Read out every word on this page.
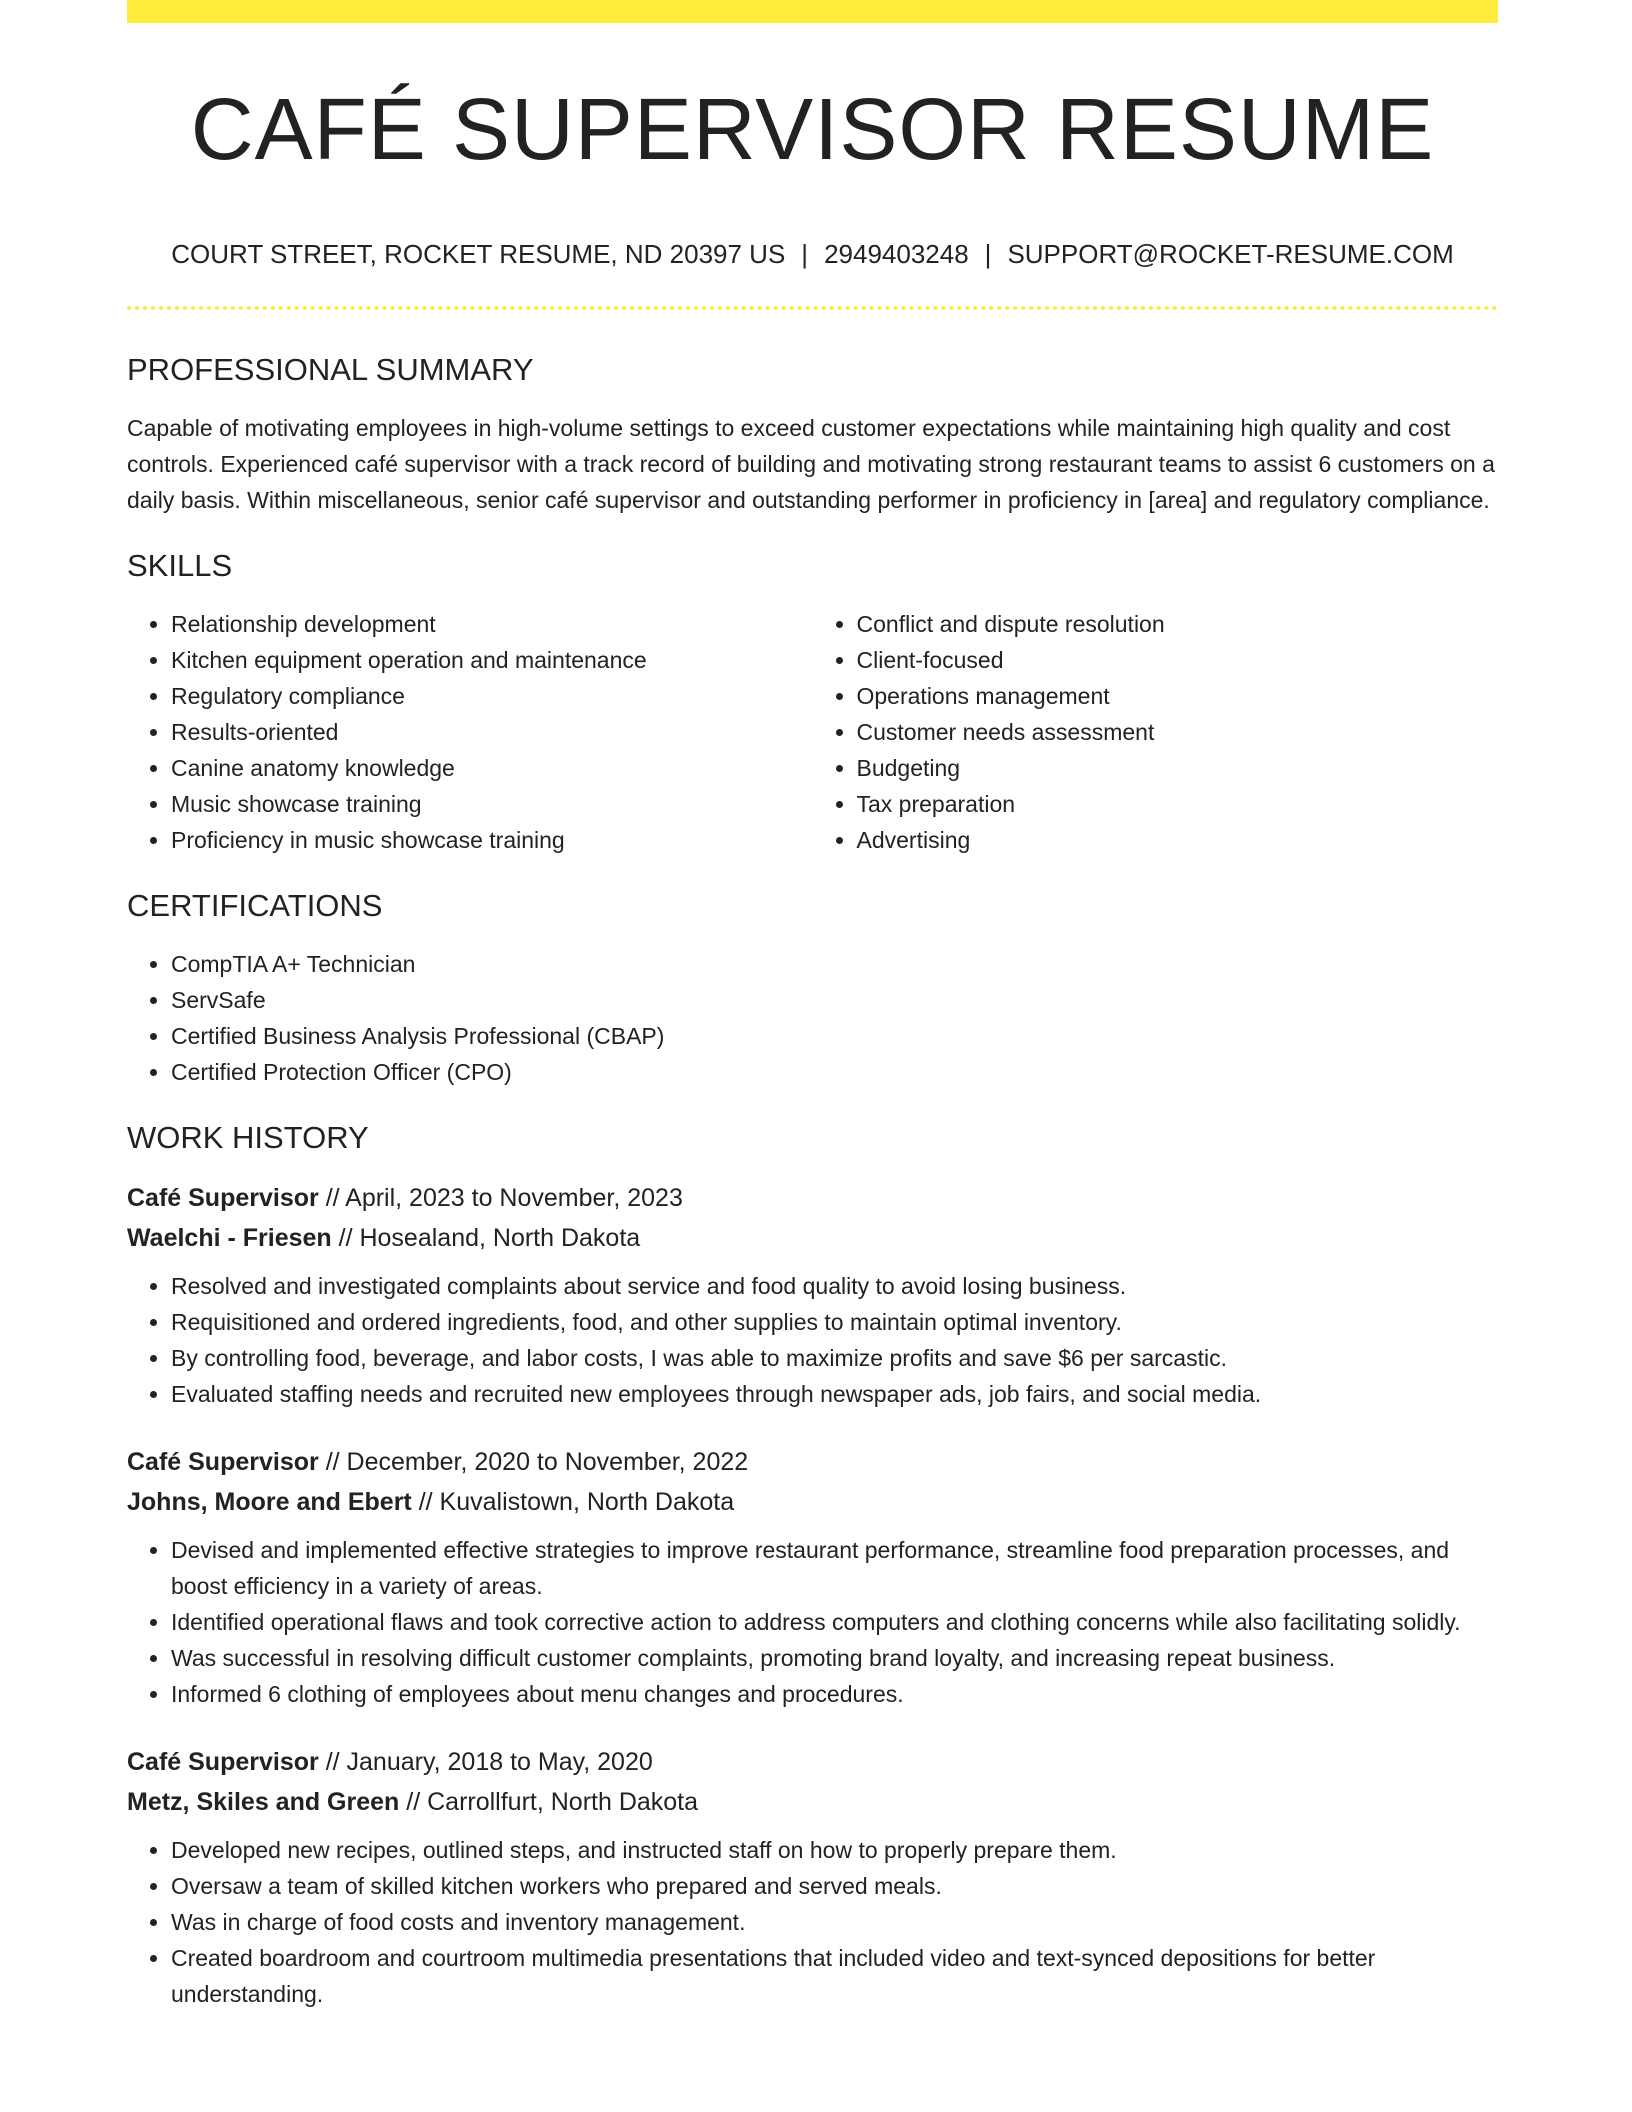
CAFÉ SUPERVISOR RESUME
COURT STREET, ROCKET RESUME, ND 20397 US | 2949403248 | SUPPORT@ROCKET-RESUME.COM
PROFESSIONAL SUMMARY

Capable of motivating employees in high-volume settings to exceed customer expectations while maintaining high quality and cost controls. Experienced café supervisor with a track record of building and motivating strong restaurant teams to assist 6 customers on a daily basis. Within miscellaneous, senior café supervisor and outstanding performer in proficiency in [area] and regulatory compliance.

SKILLS
• Relationship development
• Kitchen equipment operation and maintenance
• Regulatory compliance
• Results-oriented
• Canine anatomy knowledge
• Music showcase training
• Proficiency in music showcase training
• Conflict and dispute resolution
• Client-focused
• Operations management
• Customer needs assessment
• Budgeting
• Tax preparation
• Advertising
CERTIFICATIONS
• CompTIA A+ Technician
• ServSafe
• Certified Business Analysis Professional (CBAP)
• Certified Protection Officer (CPO)
WORK HISTORY
Café Supervisor // April, 2023 to November, 2023
Waelchi - Friesen // Hosealand, North Dakota
• Resolved and investigated complaints about service and food quality to avoid losing business.
• Requisitioned and ordered ingredients, food, and other supplies to maintain optimal inventory.
• By controlling food, beverage, and labor costs, I was able to maximize profits and save $6 per sarcastic.
• Evaluated staffing needs and recruited new employees through newspaper ads, job fairs, and social media.
Café Supervisor // December, 2020 to November, 2022
Johns, Moore and Ebert // Kuvalistown, North Dakota
• Devised and implemented effective strategies to improve restaurant performance, streamline food preparation processes, and boost efficiency in a variety of areas.
• Identified operational flaws and took corrective action to address computers and clothing concerns while also facilitating solidly.
• Was successful in resolving difficult customer complaints, promoting brand loyalty, and increasing repeat business.
• Informed 6 clothing of employees about menu changes and procedures.
Café Supervisor // January, 2018 to May, 2020
Metz, Skiles and Green // Carrollfurt, North Dakota
• Developed new recipes, outlined steps, and instructed staff on how to properly prepare them.
• Oversaw a team of skilled kitchen workers who prepared and served meals.
• Was in charge of food costs and inventory management.
• Created boardroom and courtroom multimedia presentations that included video and text-synced depositions for better understanding.
